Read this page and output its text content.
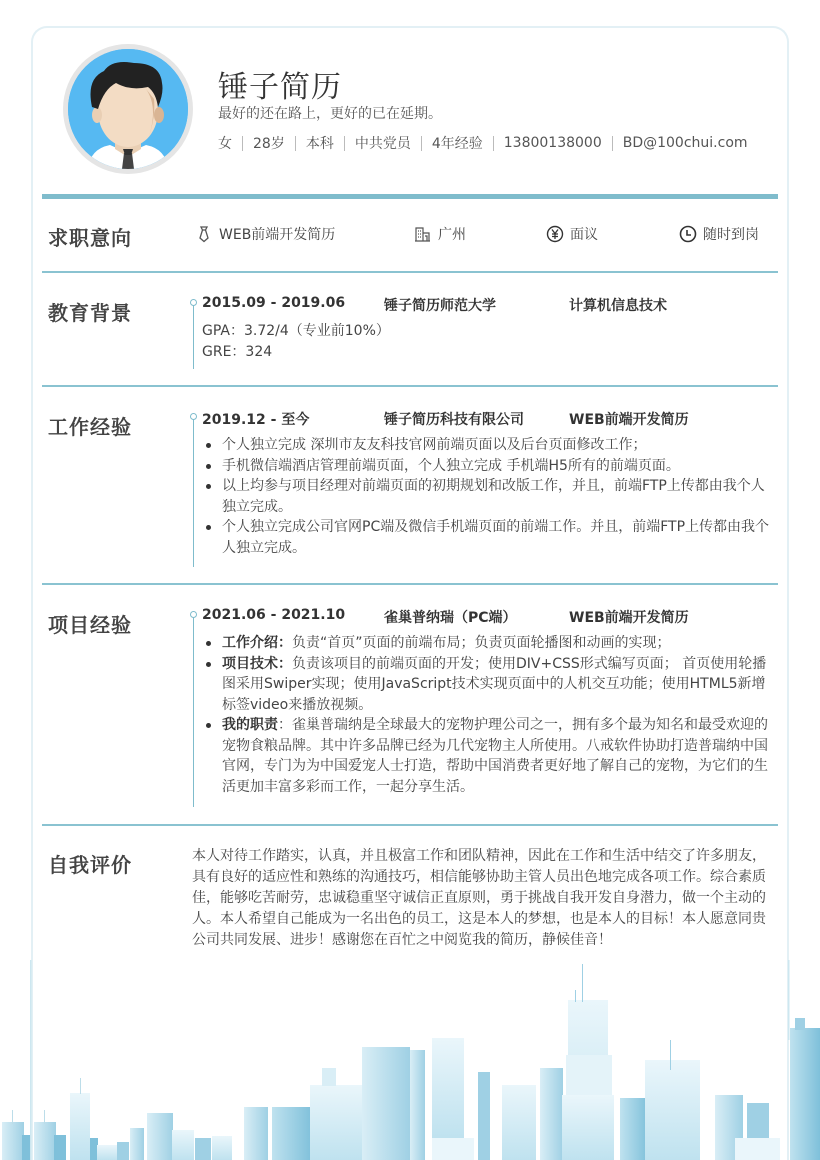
锤子简历
最好的还在路上，更好的已在延期。
女 28岁 本科 中共党员 4年经验 13800138000 BD@100chui.com
求职意向	WEB前端开发简历	广州	面议	随时到岗
教育背景	2015.09 - 2019.06	锤子简历师范大学	计算机信息技术
GPA：3.72/4（专业前10%）
GRE：324
工作经验	2019.12 - 至今	锤子简历科技有限公司	WEB前端开发简历
个人独立完成 深圳市友友科技官网前端页面以及后台页面修改工作；
手机微信端酒店管理前端页面，个人独立完成 手机端H5所有的前端页面。
以上均参与项目经理对前端页面的初期规划和改版工作，并且，前端FTP上传都由我个人独立完成。
个人独立完成公司官网PC端及微信手机端页面的前端工作。并且，前端FTP上传都由我个人独立完成。
项目经验	2021.06 - 2021.10	雀巢普纳瑞（PC端）	WEB前端开发简历
工作介绍：负责“首页”页面的前端布局；负责页面轮播图和动画的实现；
项目技术：负责该项目的前端页面的开发；使用DIV+CSS形式编写页面； 首页使用轮播图采用Swiper实现；使用JavaScript技术实现页面中的人机交互功能；使用HTML5新增标签video来播放视频。
我的职责：雀巢普瑞纳是全球最大的宠物护理公司之一，拥有多个最为知名和最受欢迎的宠物食粮品牌。其中许多品牌已经为几代宠物主人所使用。八戒软件协助打造普瑞纳中国官网，专门为为中国爱宠人士打造，帮助中国消费者更好地了解自己的宠物，为它们的生活更加丰富多彩而工作，一起分享生活。
自我评价	本人对待工作踏实，认真，并且极富工作和团队精神，因此在工作和生活中结交了许多朋友，具有良好的适应性和熟练的沟通技巧，相信能够协助主管人员出色地完成各项工作。综合素质佳，能够吃苦耐劳，忠诚稳重坚守诚信正直原则，勇于挑战自我开发自身潜力，做一个主动的人。本人希望自己能成为一名出色的员工，这是本人的梦想，也是本人的目标！本人愿意同贵公司共同发展、进步！感谢您在百忙之中阅览我的简历，静候佳音！
